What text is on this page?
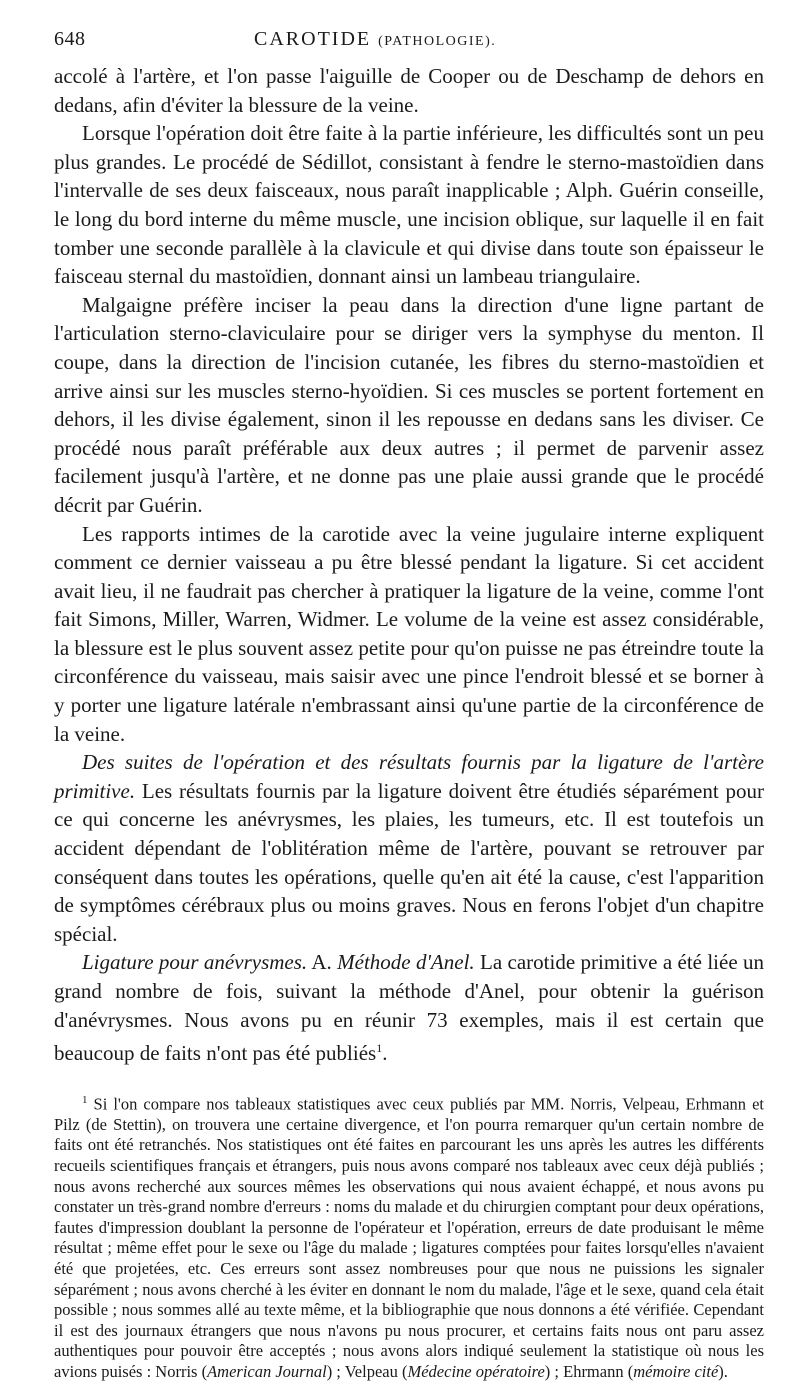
648	CAROTIDE (PATHOLOGIE).

accolé à l'artère, et l'on passe l'aiguille de Cooper ou de Deschamp de dehors en dedans, afin d'éviter la blessure de la veine.

Lorsque l'opération doit être faite à la partie inférieure, les difficultés sont un peu plus grandes. Le procédé de Sédillot, consistant à fendre le sterno-mastoïdien dans l'intervalle de ses deux faisceaux, nous paraît inapplicable ; Alph. Guérin conseille, le long du bord interne du même muscle, une incision oblique, sur laquelle il en fait tomber une seconde parallèle à la clavicule et qui divise dans toute son épaisseur le faisceau sternal du mastoïdien, donnant ainsi un lambeau triangulaire.

Malgaigne préfère inciser la peau dans la direction d'une ligne partant de l'articulation sterno-claviculaire pour se diriger vers la symphyse du menton. Il coupe, dans la direction de l'incision cutanée, les fibres du sterno-mastoïdien et arrive ainsi sur les muscles sterno-hyoïdien. Si ces muscles se portent fortement en dehors, il les divise également, sinon il les repousse en dedans sans les diviser. Ce procédé nous paraît préférable aux deux autres ; il permet de parvenir assez facilement jusqu'à l'artère, et ne donne pas une plaie aussi grande que le procédé décrit par Guérin.

Les rapports intimes de la carotide avec la veine jugulaire interne expliquent comment ce dernier vaisseau a pu être blessé pendant la ligature. Si cet accident avait lieu, il ne faudrait pas chercher à pratiquer la ligature de la veine, comme l'ont fait Simons, Miller, Warren, Widmer. Le volume de la veine est assez considérable, la blessure est le plus souvent assez petite pour qu'on puisse ne pas étreindre toute la circonférence du vaisseau, mais saisir avec une pince l'endroit blessé et se borner à y porter une ligature latérale n'embrassant ainsi qu'une partie de la circonférence de la veine.

Des suites de l'opération et des résultats fournis par la ligature de l'artère primitive. Les résultats fournis par la ligature doivent être étudiés séparément pour ce qui concerne les anévrysmes, les plaies, les tumeurs, etc. Il est toutefois un accident dépendant de l'oblitération même de l'artère, pouvant se retrouver par conséquent dans toutes les opérations, quelle qu'en ait été la cause, c'est l'apparition de symptômes cérébraux plus ou moins graves. Nous en ferons l'objet d'un chapitre spécial.

Ligature pour anévrysmes. A. Méthode d'Anel. La carotide primitive a été liée un grand nombre de fois, suivant la méthode d'Anel, pour obtenir la guérison d'anévrysmes. Nous avons pu en réunir 73 exemples, mais il est certain que beaucoup de faits n'ont pas été publiés$^1$.

$^1$ Si l'on compare nos tableaux statistiques avec ceux publiés par MM. Norris, Velpeau, Erhmann et Pilz (de Stettin), on trouvera une certaine divergence, et l'on pourra remarquer qu'un certain nombre de faits ont été retranchés. Nos statistiques ont été faites en parcourant les uns après les autres les différents recueils scientifiques français et étrangers, puis nous avons comparé nos tableaux avec ceux déjà publiés ; nous avons recherché aux sources mêmes les observations qui nous avaient échappé, et nous avons pu constater un très-grand nombre d'erreurs : noms du malade et du chirurgien comptant pour deux opérations, fautes d'impression doublant la personne de l'opérateur et l'opération, erreurs de date produisant le même résultat ; même effet pour le sexe ou l'âge du malade ; ligatures comptées pour faites lorsqu'elles n'avaient été que projetées, etc. Ces erreurs sont assez nombreuses pour que nous ne puissions les signaler séparément ; nous avons cherché à les éviter en donnant le nom du malade, l'âge et le sexe, quand cela était possible ; nous sommes allé au texte même, et la bibliographie que nous donnons a été vérifiée. Cependant il est des journaux étrangers que nous n'avons pu nous procurer, et certains faits nous ont paru assez authentiques pour pouvoir être acceptés ; nous avons alors indiqué seulement la statistique où nous les avions puisés : Norris (American Journal) ; Velpeau (Médecine opératoire) ; Ehrmann (mémoire cité).
